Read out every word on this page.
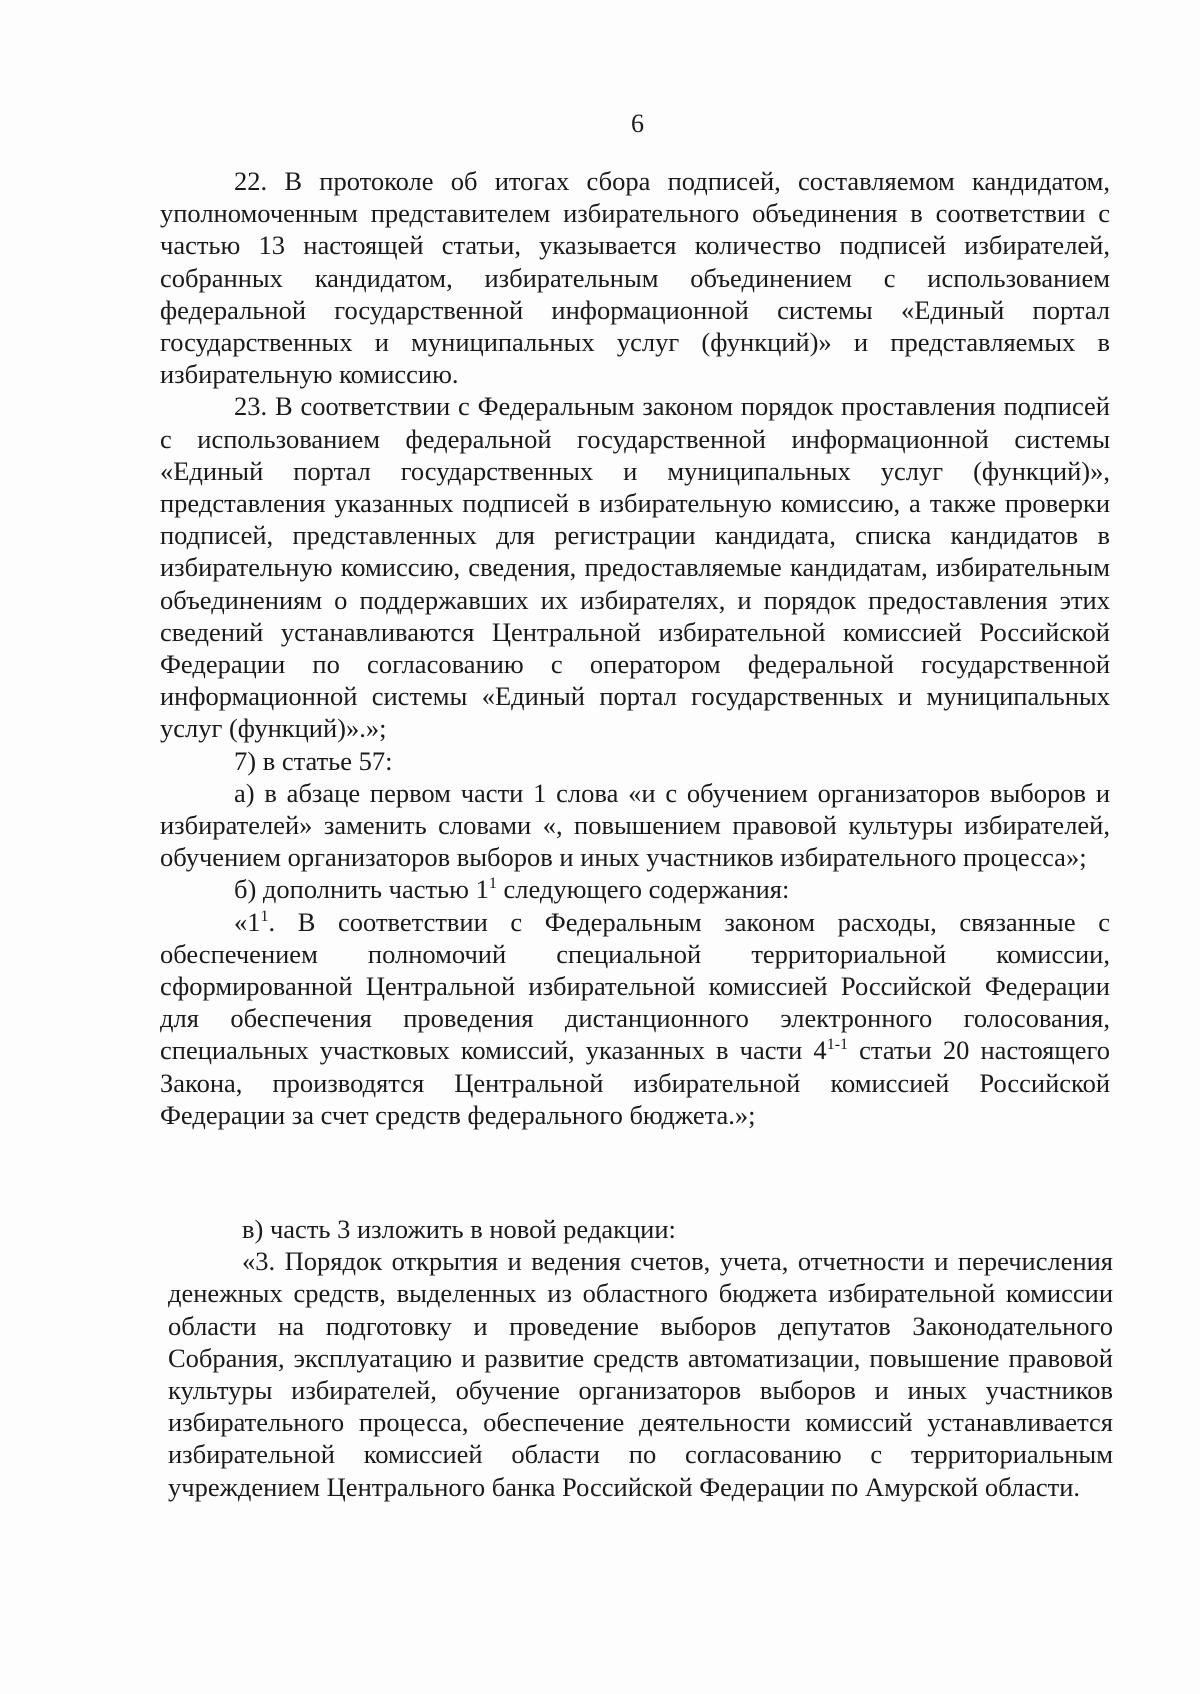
6

22. В протоколе об итогах сбора подписей, составляемом кандидатом, уполномоченным представителем избирательного объединения в соответствии с частью 13 настоящей статьи, указывается количество подписей избирателей, собранных кандидатом, избирательным объединением с использованием федеральной государственной информационной системы «Единый портал государственных и муниципальных услуг (функций)» и представляемых в избирательную комиссию.

23. В соответствии с Федеральным законом порядок проставления подписей с использованием федеральной государственной информационной системы «Единый портал государственных и муниципальных услуг (функций)», представления указанных подписей в избирательную комиссию, а также проверки подписей, представленных для регистрации кандидата, списка кандидатов в избирательную комиссию, сведения, предоставляемые кандидатам, избирательным объединениям о поддержавших их избирателях, и порядок предоставления этих сведений устанавливаются Центральной избирательной комиссией Российской Федерации по согласованию с оператором федеральной государственной информационной системы «Единый портал государственных и муниципальных услуг (функций)».»;

7) в статье 57:

а) в абзаце первом части 1 слова «и с обучением организаторов выборов и избирателей» заменить словами «, повышением правовой культуры избирателей, обучением организаторов выборов и иных участников избирательного процесса»;

б) дополнить частью $1^1$ следующего содержания:

«$1^1$. В соответствии с Федеральным законом расходы, связанные с обеспечением полномочий специальной территориальной комиссии, сформированной Центральной избирательной комиссией Российской Федерации для обеспечения проведения дистанционного электронного голосования, специальных участковых комиссий, указанных в части 4$^{1-1}$ статьи 20 настоящего Закона, производятся Центральной избирательной комиссией Российской Федерации за счет средств федерального бюджета.»;

в) часть 3 изложить в новой редакции:

«3. Порядок открытия и ведения счетов, учета, отчетности и перечисления денежных средств, выделенных из областного бюджета избирательной комиссии области на подготовку и проведение выборов депутатов Законодательного Собрания, эксплуатацию и развитие средств автоматизации, повышение правовой культуры избирателей, обучение организаторов выборов и иных участников избирательного процесса, обеспечение деятельности комиссий устанавливается избирательной комиссией области по согласованию с территориальным учреждением Центрального банка Российской Федерации по Амурской области.
